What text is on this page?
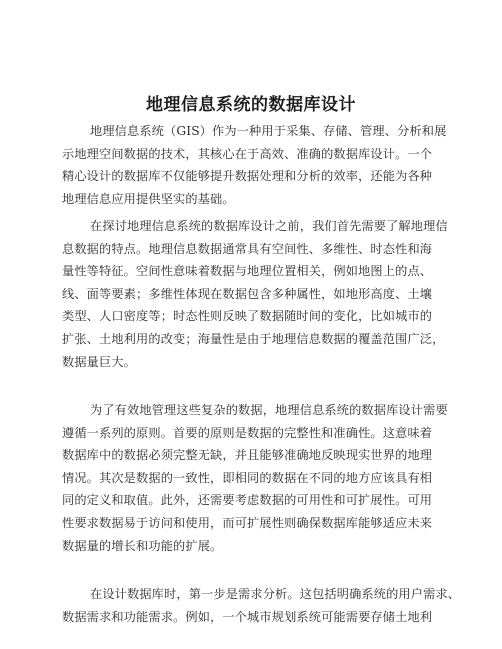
地理信息系统的数据库设计
地理信息系统（GIS）作为一种用于采集、存储、管理、分析和展
示地理空间数据的技术，其核心在于高效、准确的数据库设计。一个
精心设计的数据库不仅能够提升数据处理和分析的效率，还能为各种
地理信息应用提供坚实的基础。
在探讨地理信息系统的数据库设计之前，我们首先需要了解地理信
息数据的特点。地理信息数据通常具有空间性、多维性、时态性和海
量性等特征。空间性意味着数据与地理位置相关，例如地图上的点、
线、面等要素；多维性体现在数据包含多种属性，如地形高度、土壤
类型、人口密度等；时态性则反映了数据随时间的变化，比如城市的
扩张、土地利用的改变；海量性是由于地理信息数据的覆盖范围广泛，
数据量巨大。
为了有效地管理这些复杂的数据，地理信息系统的数据库设计需要
遵循一系列的原则。首要的原则是数据的完整性和准确性。这意味着
数据库中的数据必须完整无缺，并且能够准确地反映现实世界的地理
情况。其次是数据的一致性，即相同的数据在不同的地方应该具有相
同的定义和取值。此外，还需要考虑数据的可用性和可扩展性。可用
性要求数据易于访问和使用，而可扩展性则确保数据库能够适应未来
数据量的增长和功能的扩展。
在设计数据库时，第一步是需求分析。这包括明确系统的用户需求、
数据需求和功能需求。例如，一个城市规划系统可能需要存储土地利
